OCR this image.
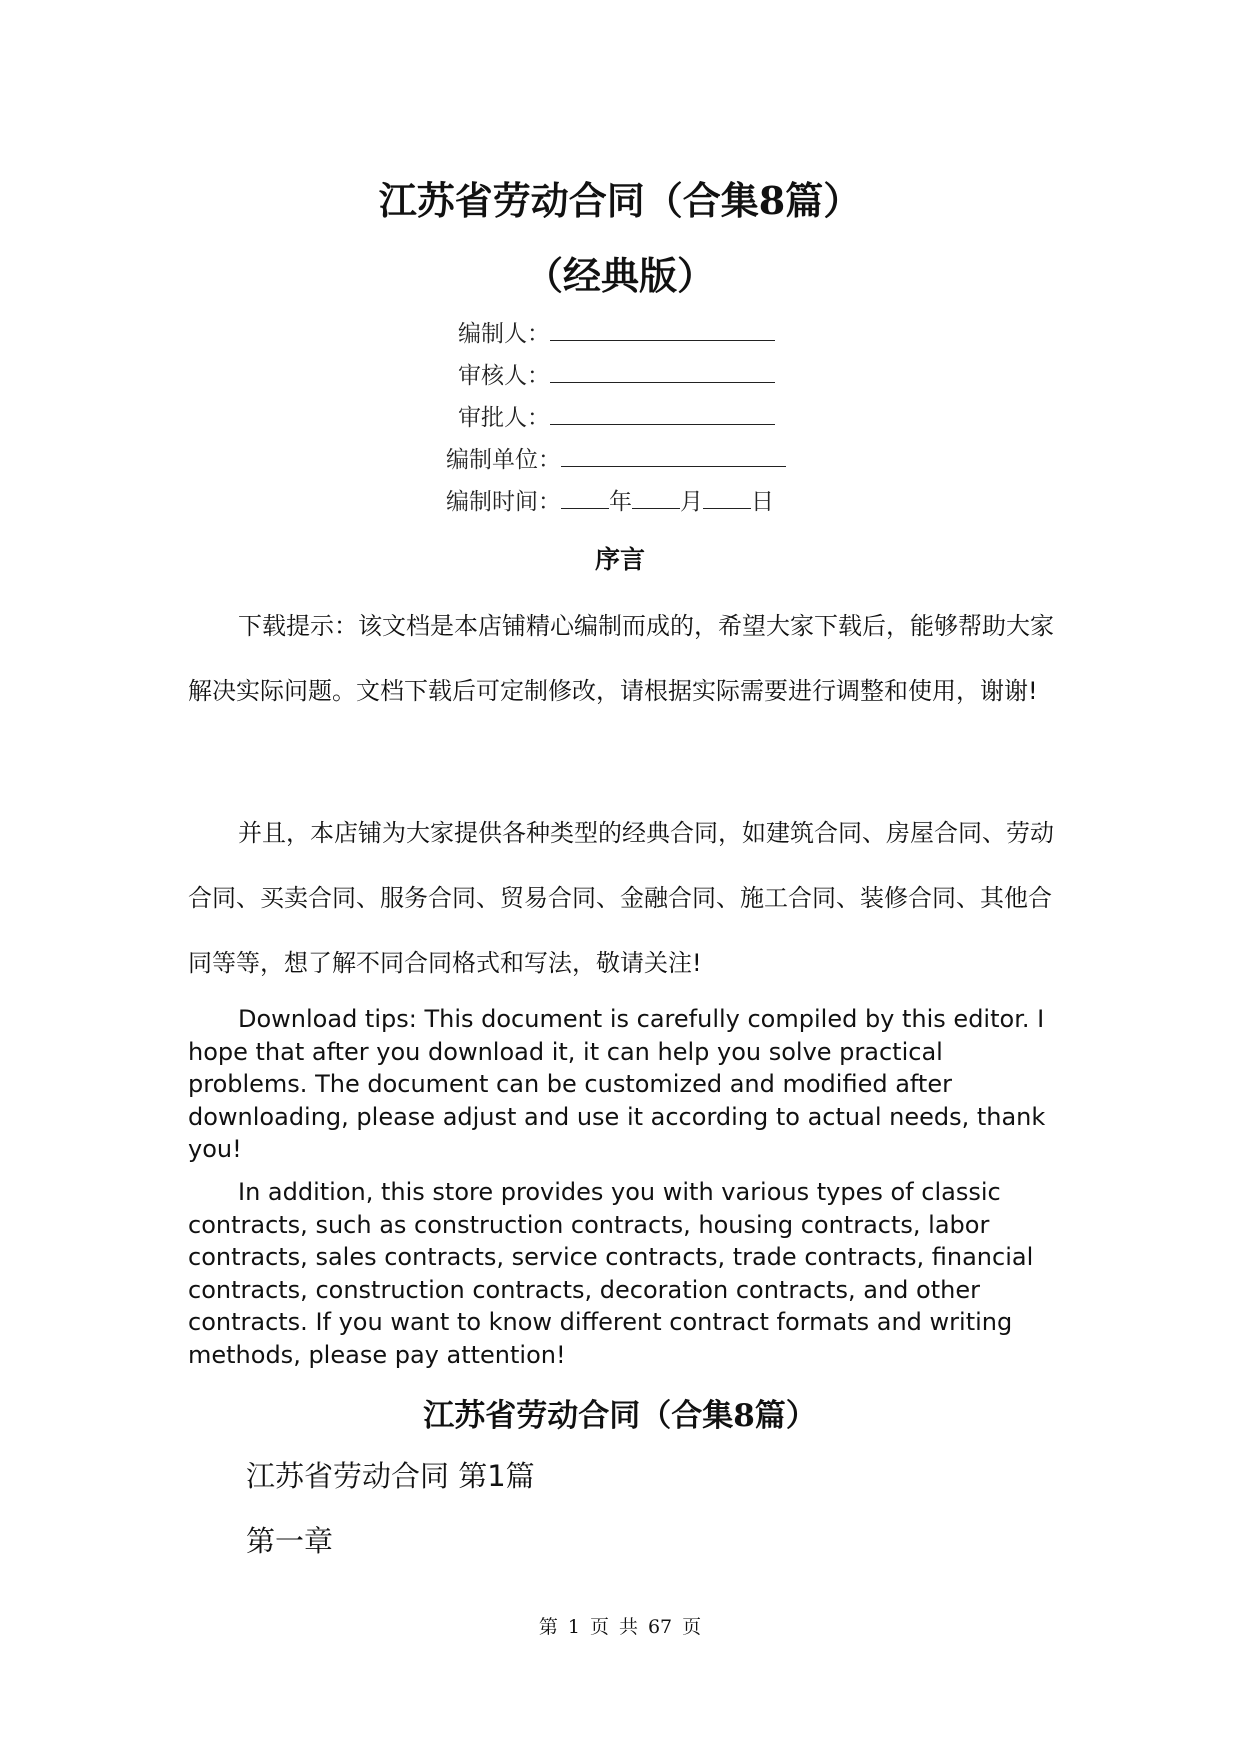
江苏省劳动合同（合集8篇）
（经典版）
编制人：
审核人：
审批人：
编制单位：
编制时间： 年 月 日
序言
下载提示：该文档是本店铺精心编制而成的，希望大家下载后，能够帮助大家解决实际问题。文档下载后可定制修改，请根据实际需要进行调整和使用，谢谢!
并且，本店铺为大家提供各种类型的经典合同，如建筑合同、房屋合同、劳动合同、买卖合同、服务合同、贸易合同、金融合同、施工合同、装修合同、其他合同等等，想了解不同合同格式和写法，敬请关注!
Download tips: This document is carefully compiled by this editor. I hope that after you download it, it can help you solve practical problems. The document can be customized and modified after downloading, please adjust and use it according to actual needs, thank you!
In addition, this store provides you with various types of classic contracts, such as construction contracts, housing contracts, labor contracts, sales contracts, service contracts, trade contracts, financial contracts, construction contracts, decoration contracts, and other contracts. If you want to know different contract formats and writing methods, please pay attention!
江苏省劳动合同（合集8篇）
江苏省劳动合同 第1篇
第一章
第 1 页 共 67 页
